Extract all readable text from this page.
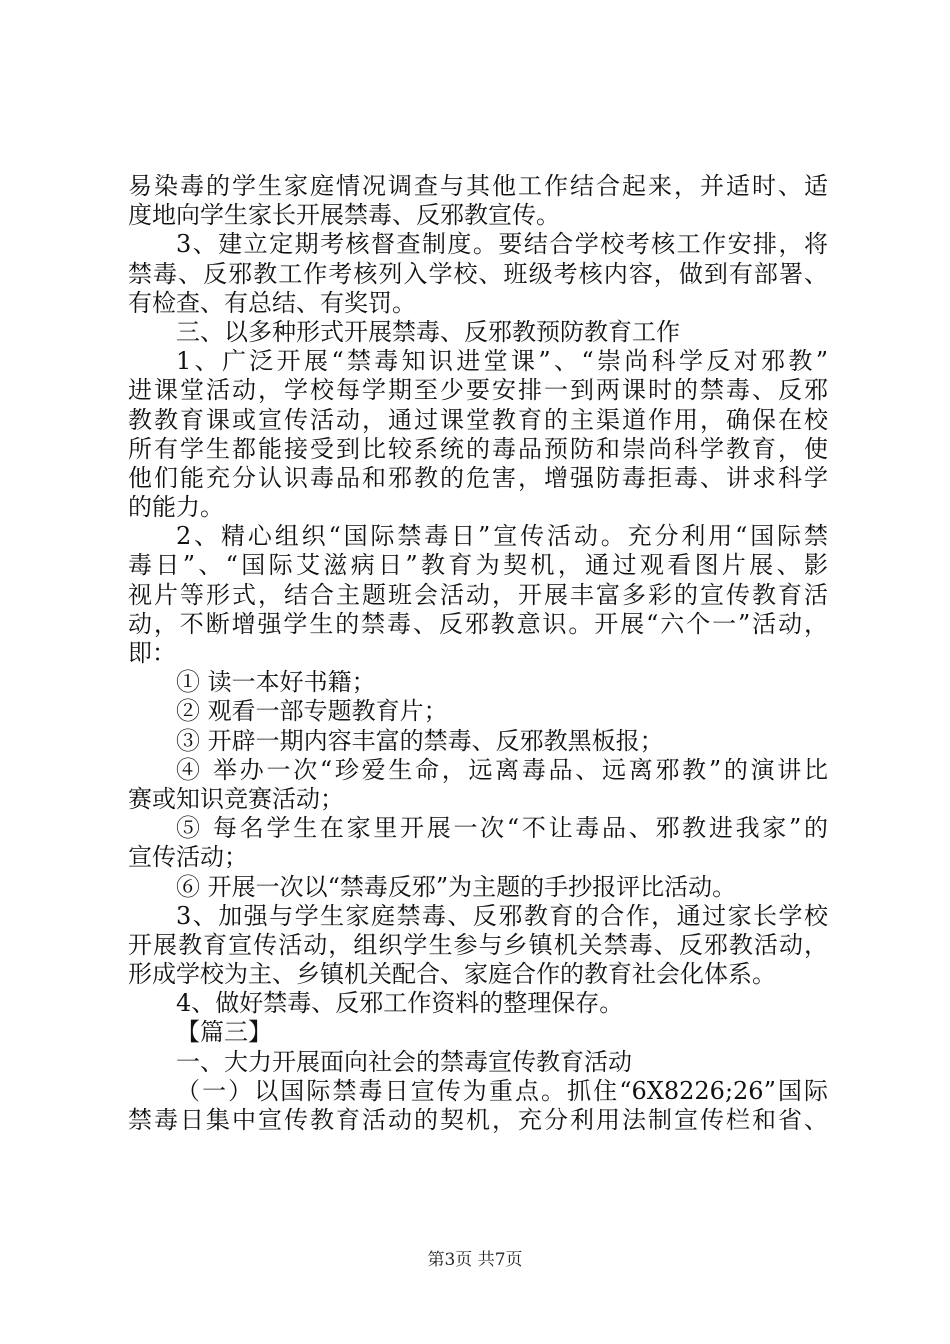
易染毒的学生家庭情况调查与其他工作结合起来，并适时、适
度地向学生家长开展禁毒、反邪教宣传。
3、建立定期考核督查制度。要结合学校考核工作安排，将
禁毒、反邪教工作考核列入学校、班级考核内容，做到有部署、
有检查、有总结、有奖罚。
三、以多种形式开展禁毒、反邪教预防教育工作
1、广泛开展“禁毒知识进堂课”、“崇尚科学反对邪教”
进课堂活动，学校每学期至少要安排一到两课时的禁毒、反邪
教教育课或宣传活动，通过课堂教育的主渠道作用，确保在校
所有学生都能接受到比较系统的毒品预防和崇尚科学教育，使
他们能充分认识毒品和邪教的危害，增强防毒拒毒、讲求科学
的能力。
2、精心组织“国际禁毒日”宣传活动。充分利用“国际禁
毒日”、“国际艾滋病日”教育为契机，通过观看图片展、影
视片等形式，结合主题班会活动，开展丰富多彩的宣传教育活
动，不断增强学生的禁毒、反邪教意识。开展“六个一”活动，
即：
① 读一本好书籍；
② 观看一部专题教育片；
③ 开辟一期内容丰富的禁毒、反邪教黑板报；
④ 举办一次“珍爱生命，远离毒品、远离邪教”的演讲比
赛或知识竞赛活动；
⑤ 每名学生在家里开展一次“不让毒品、邪教进我家”的
宣传活动；
⑥ 开展一次以“禁毒反邪”为主题的手抄报评比活动。
3、加强与学生家庭禁毒、反邪教育的合作，通过家长学校
开展教育宣传活动，组织学生参与乡镇机关禁毒、反邪教活动，
形成学校为主、乡镇机关配合、家庭合作的教育社会化体系。
4、做好禁毒、反邪工作资料的整理保存。
【篇三】
一、大力开展面向社会的禁毒宣传教育活动
（一）以国际禁毒日宣传为重点。抓住“6X8226;26”国际
禁毒日集中宣传教育活动的契机，充分利用法制宣传栏和省、
第3页 共7页
